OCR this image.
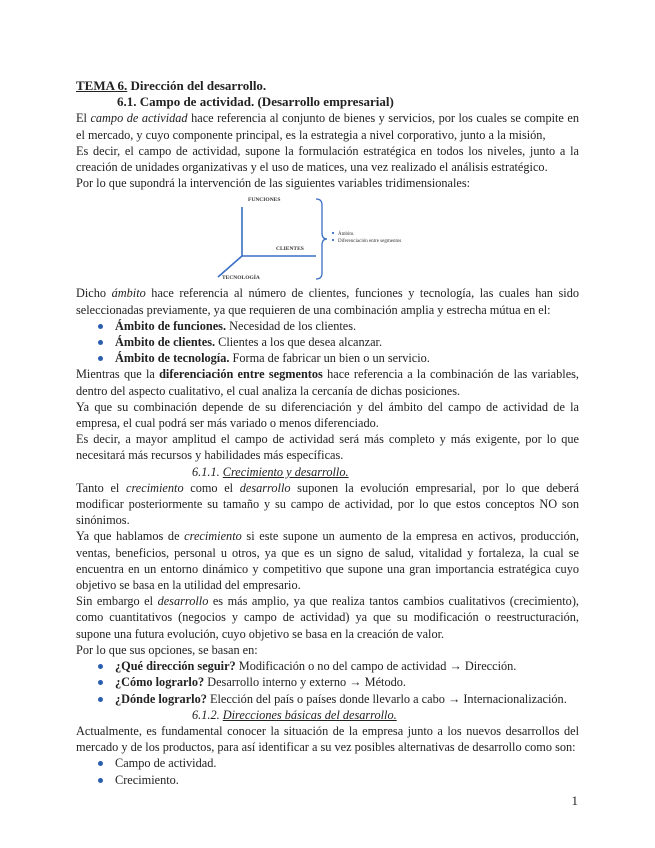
TEMA 6. Dirección del desarrollo.

6.1. Campo de actividad. (Desarrollo empresarial)

El campo de actividad hace referencia al conjunto de bienes y servicios, por los cuales se compite en el mercado, y cuyo componente principal, es la estrategia a nivel corporativo, junto a la misión,

Es decir, el campo de actividad, supone la formulación estratégica en todos los niveles, junto a la creación de unidades organizativas y el uso de matices, una vez realizado el análisis estratégico.

Por lo que supondrá la intervención de las siguientes variables tridimensionales:

FUNCIONES
CLIENTES
TECNOLOGÍA
Ámbito.
Diferenciación entre segmentos

Dicho ámbito hace referencia al número de clientes, funciones y tecnología, las cuales han sido seleccionadas previamente, ya que requieren de una combinación amplia y estrecha mútua en el:

Ámbito de funciones. Necesidad de los clientes.
Ámbito de clientes. Clientes a los que desea alcanzar.
Ámbito de tecnología. Forma de fabricar un bien o un servicio.

Mientras que la diferenciación entre segmentos hace referencia a la combinación de las variables, dentro del aspecto cualitativo, el cual analiza la cercanía de dichas posiciones.

Ya que su combinación depende de su diferenciación y del ámbito del campo de actividad de la empresa, el cual podrá ser más variado o menos diferenciado.

Es decir, a mayor amplitud el campo de actividad será más completo y más exigente, por lo que necesitará más recursos y habilidades más específicas.

6.1.1. Crecimiento y desarrollo.

Tanto el crecimiento como el desarrollo suponen la evolución empresarial, por lo que deberá modificar posteriormente su tamaño y su campo de actividad, por lo que estos conceptos NO son sinónimos.

Ya que hablamos de crecimiento si este supone un aumento de la empresa en activos, producción, ventas, beneficios, personal u otros, ya que es un signo de salud, vitalidad y fortaleza, la cual se encuentra en un entorno dinámico y competitivo que supone una gran importancia estratégica cuyo objetivo se basa en la utilidad del empresario.

Sin embargo el desarrollo es más amplio, ya que realiza tantos cambios cualitativos (crecimiento), como cuantitativos (negocios y campo de actividad) ya que su modificación o reestructuración, supone una futura evolución, cuyo objetivo se basa en la creación de valor.

Por lo que sus opciones, se basan en:

¿Qué dirección seguir? Modificación o no del campo de actividad → Dirección.
¿Cómo lograrlo? Desarrollo interno y externo → Método.
¿Dónde lograrlo? Elección del país o países donde llevarlo a cabo → Internacionalización.

6.1.2. Direcciones básicas del desarrollo.

Actualmente, es fundamental conocer la situación de la empresa junto a los nuevos desarrollos del mercado y de los productos, para así identificar a su vez posibles alternativas de desarrollo como son:

Campo de actividad.
Crecimiento.
1
